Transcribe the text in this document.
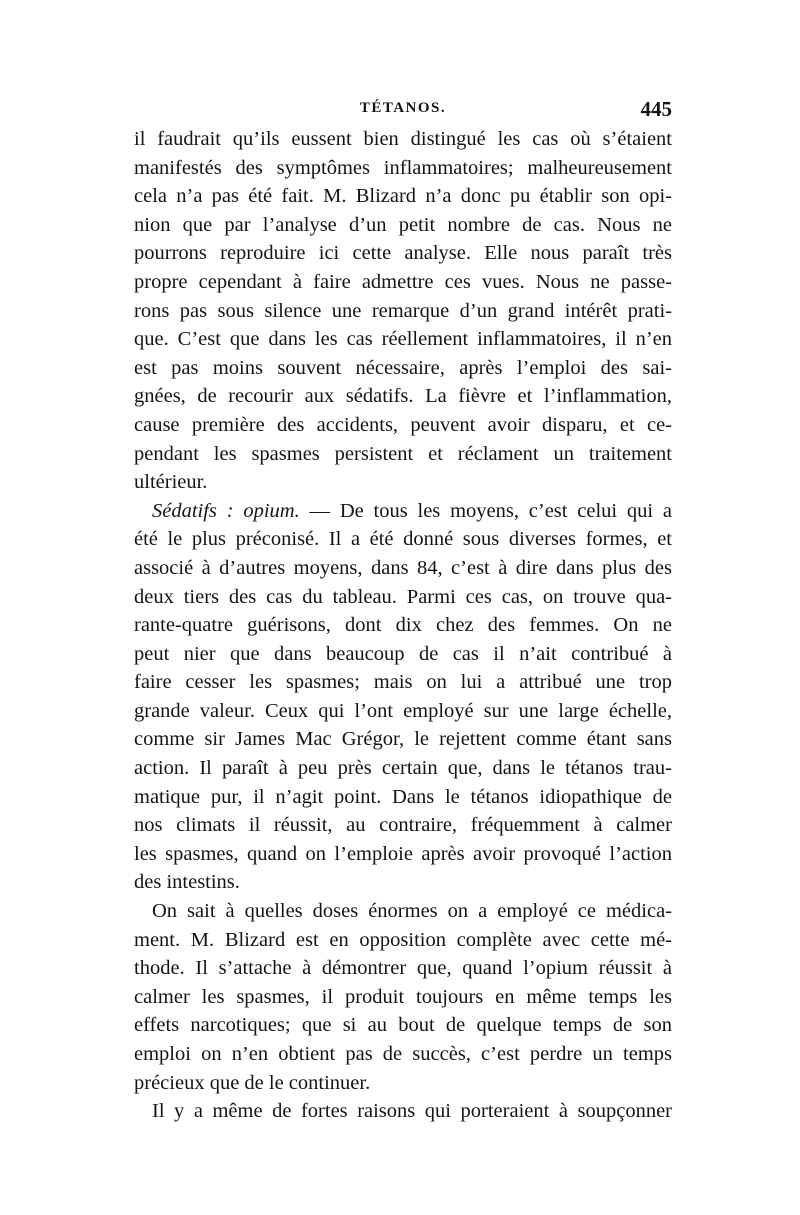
TÉTANOS.	445

il faudrait qu’ils eussent bien distingué les cas où s’étaient
manifestés des symptômes inflammatoires; malheureusement
cela n’a pas été fait. M. Blizard n’a donc pu établir son opi-
nion que par l’analyse d’un petit nombre de cas. Nous ne
pourrons reproduire ici cette analyse. Elle nous paraît très
propre cependant à faire admettre ces vues. Nous ne passe-
rons pas sous silence une remarque d’un grand intérêt prati-
que. C’est que dans les cas réellement inflammatoires, il n’en
est pas moins souvent nécessaire, après l’emploi des sai-
gnées, de recourir aux sédatifs. La fièvre et l’inflammation,
cause première des accidents, peuvent avoir disparu, et ce-
pendant les spasmes persistent et réclament un traitement
ultérieur.

Sédatifs : opium. — De tous les moyens, c’est celui qui a
été le plus préconisé. Il a été donné sous diverses formes, et
associé à d’autres moyens, dans 84, c’est à dire dans plus des
deux tiers des cas du tableau. Parmi ces cas, on trouve qua-
rante-quatre guérisons, dont dix chez des femmes. On ne
peut nier que dans beaucoup de cas il n’ait contribué à
faire cesser les spasmes; mais on lui a attribué une trop
grande valeur. Ceux qui l’ont employé sur une large échelle,
comme sir James Mac Grégor, le rejettent comme étant sans
action. Il paraît à peu près certain que, dans le tétanos trau-
matique pur, il n’agit point. Dans le tétanos idiopathique de
nos climats il réussit, au contraire, fréquemment à calmer
les spasmes, quand on l’emploie après avoir provoqué l’action
des intestins.

On sait à quelles doses énormes on a employé ce médica-
ment. M. Blizard est en opposition complète avec cette mé-
thode. Il s’attache à démontrer que, quand l’opium réussit à
calmer les spasmes, il produit toujours en même temps les
effets narcotiques; que si au bout de quelque temps de son
emploi on n’en obtient pas de succès, c’est perdre un temps
précieux que de le continuer.

Il y a même de fortes raisons qui porteraient à soupçonner
